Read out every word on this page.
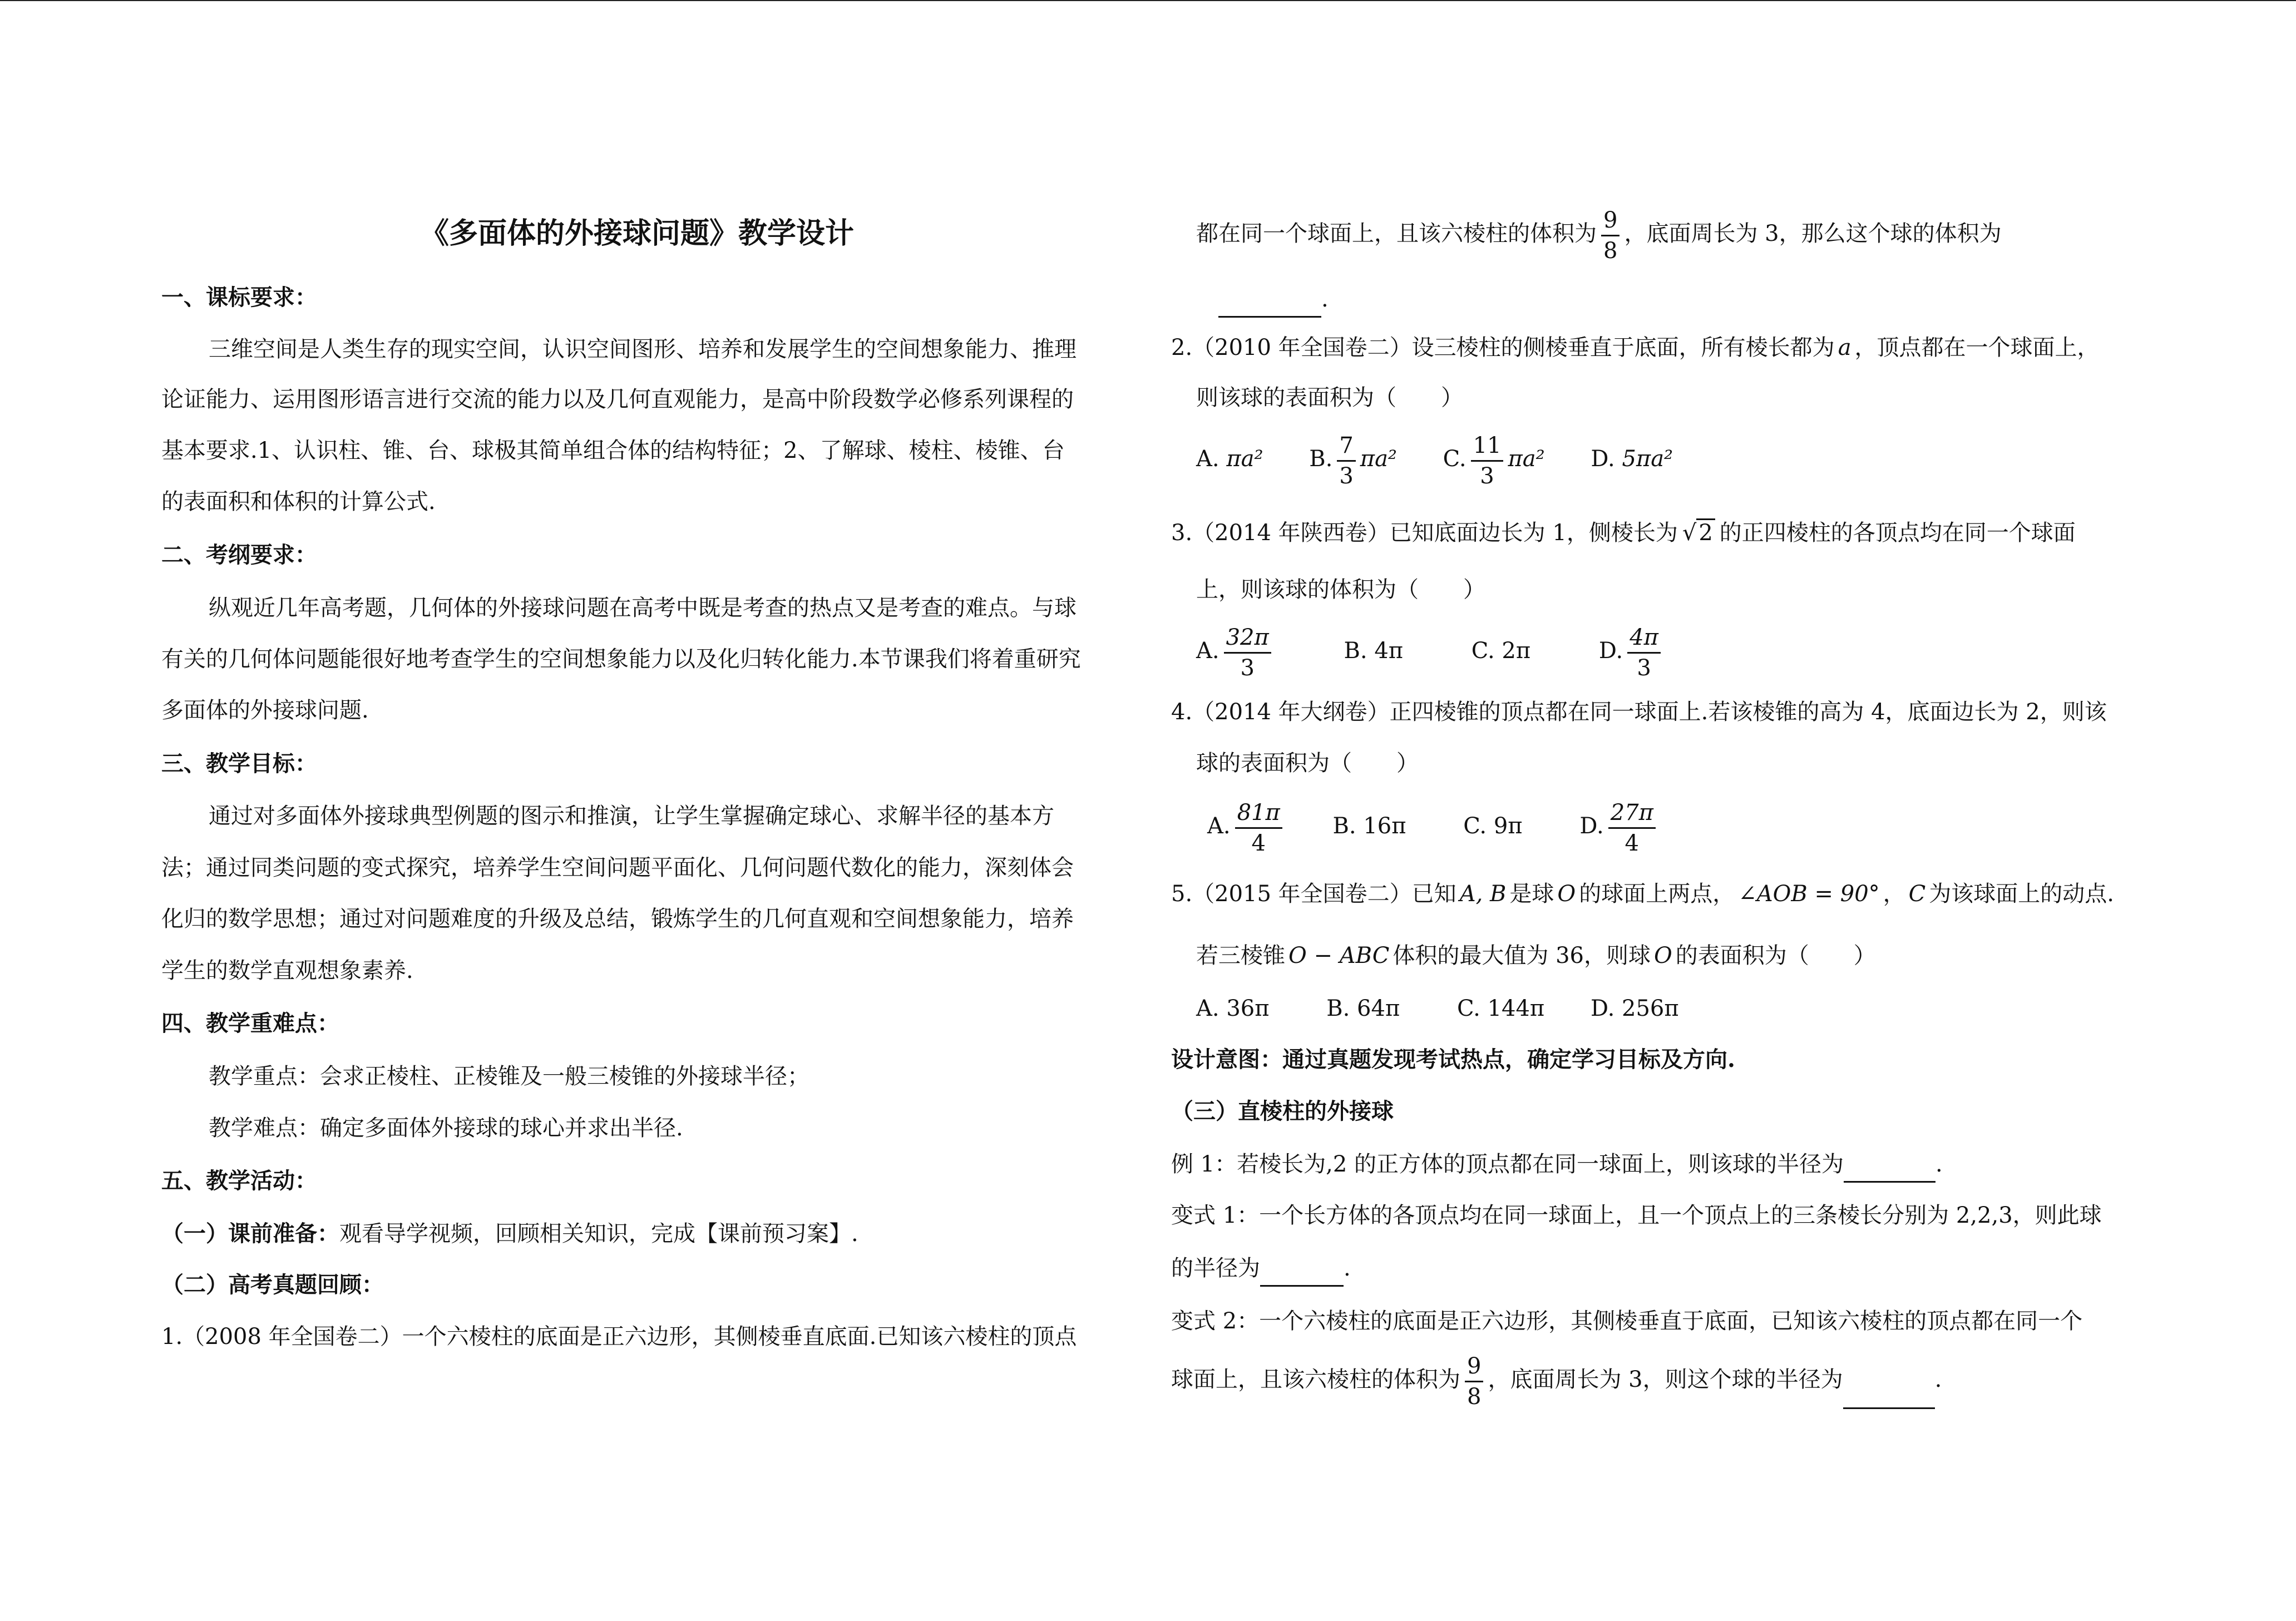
《多面体的外接球问题》教学设计
一、课标要求：
三维空间是人类生存的现实空间，认识空间图形、培养和发展学生的空间想象能力、推理
论证能力、运用图形语言进行交流的能力以及几何直观能力，是高中阶段数学必修系列课程的
基本要求.1、认识柱、锥、台、球极其简单组合体的结构特征；2、了解球、棱柱、棱锥、台
的表面积和体积的计算公式.
二、考纲要求：
纵观近几年高考题，几何体的外接球问题在高考中既是考查的热点又是考查的难点。与球
有关的几何体问题能很好地考查学生的空间想象能力以及化归转化能力.本节课我们将着重研究
多面体的外接球问题.
三、教学目标：
通过对多面体外接球典型例题的图示和推演，让学生掌握确定球心、求解半径的基本方
法；通过同类问题的变式探究，培养学生空间问题平面化、几何问题代数化的能力，深刻体会
化归的数学思想；通过对问题难度的升级及总结，锻炼学生的几何直观和空间想象能力，培养
学生的数学直观想象素养.
四、教学重难点：
教学重点：会求正棱柱、正棱锥及一般三棱锥的外接球半径；
教学难点：确定多面体外接球的球心并求出半径.
五、教学活动：
（一）课前准备：观看导学视频，回顾相关知识，完成【课前预习案】.
（二）高考真题回顾：
1.（2008 年全国卷二）一个六棱柱的底面是正六边形，其侧棱垂直底面.已知该六棱柱的顶点
都在同一个球面上，且该六棱柱的体积为 $\frac{9}{8}$ ，底面周长为 3，那么这个球的体积为
.
2.（2010 年全国卷二）设三棱柱的侧棱垂直于底面，所有棱长都为 a ，顶点都在一个球面上，
则该球的表面积为（　　）
A. πa² B. $\frac{7}{3} \pi a^2$ C. $\frac{11}{3} \pi a^2$ D. 5πa²
3.（2014 年陕西卷）已知底面边长为 1，侧棱长为 √ 2 的正四棱柱的各顶点均在同一个球面
上，则该球的体积为（　　）
A. $\frac{32\pi}{3}$	B. 4π	C. 2π	D. $\frac{4\pi}{3}$
4.（2014 年大纲卷）正四棱锥的顶点都在同一球面上.若该棱锥的高为 4，底面边长为 2，则该
球的表面积为（　　）
A. $\frac{81\pi}{4} B$. 16π	C. 9π	D. $\frac{27\pi}{4}$
5.（2015 年全国卷二）已知 A, B 是球 O 的球面上两点， ∠AOB = 90° ， C 为该球面上的动点.
若三棱锥 O − ABC 体积的最大值为 36，则球 O 的表面积为（　　）
A. 36π	B. 64π	C. 144π D. 256π
设计意图：通过真题发现考试热点，确定学习目标及方向.
（三）直棱柱的外接球
例 1：若棱长为,2 的正方体的顶点都在同一球面上，则该球的半径为	.
变式 1：一个长方体的各顶点均在同一球面上，且一个顶点上的三条棱长分别为 2,2,3，则此球
的半径为	.
变式 2：一个六棱柱的底面是正六边形，其侧棱垂直于底面，已知该六棱柱的顶点都在同一个
球面上，且该六棱柱的体积为 $\frac{9}{8}$ ，底面周长为 3，则这个球的半径为	.
